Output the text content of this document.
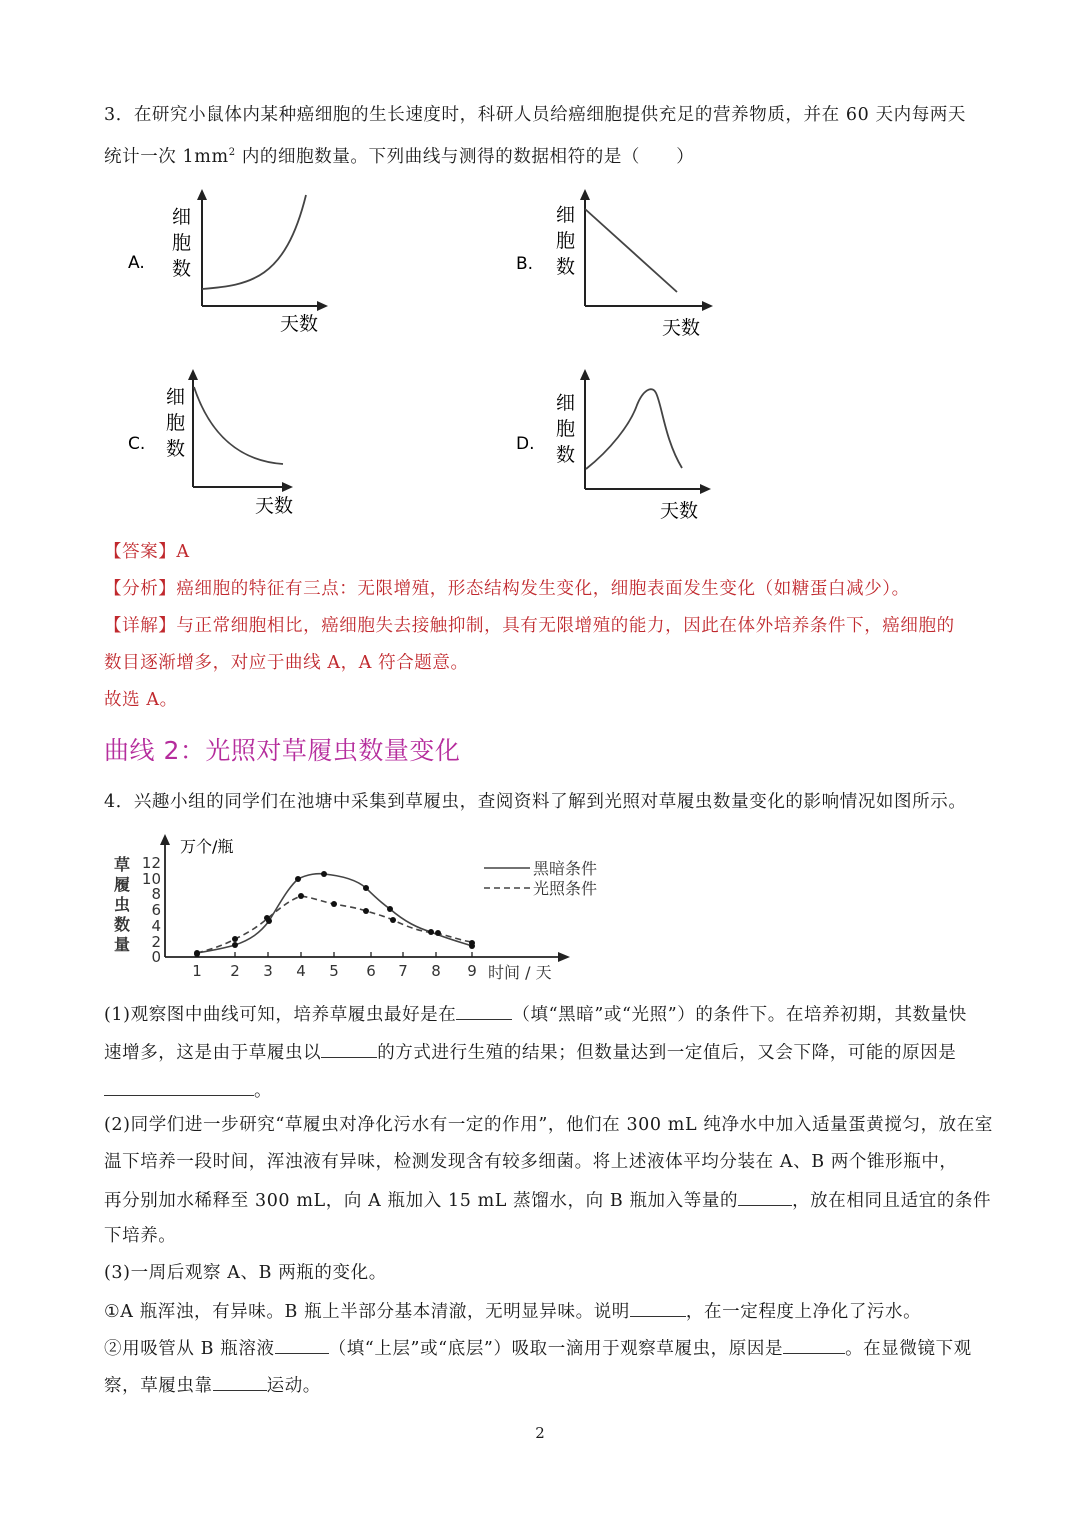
3．在研究小鼠体内某种癌细胞的生长速度时，科研人员给癌细胞提供充足的营养物质，并在 60 天内每两天
统计一次 $1mm^2$ 内的细胞数量。下列曲线与测得的数据相符的是（　　）
A.
细
胞
数
天数
B.
细
胞
数
天数
C.
细
胞
数
天数
D.
细
胞
数
天数
【答案】A
【分析】癌细胞的特征有三点：无限增殖，形态结构发生变化，细胞表面发生变化（如糖蛋白减少）。
【详解】与正常细胞相比，癌细胞失去接触抑制，具有无限增殖的能力，因此在体外培养条件下，癌细胞的
数目逐渐增多，对应于曲线 A，A 符合题意。
故选 A。
曲线 2：光照对草履虫数量变化
4．兴趣小组的同学们在池塘中采集到草履虫，查阅资料了解到光照对草履虫数量变化的影响情况如图所示。
万个/瓶
草
履
虫
数
量
0
2
4
6
8
10
12
1 2 3 4 5 6 7 8 9 时间 / 天
黑暗条件
光照条件
(1)观察图中曲线可知，培养草履虫最好是在	（填“黑暗”或“光照”）的条件下。在培养初期，其数量快
速增多，这是由于草履虫以	的方式进行生殖的结果；但数量达到一定值后，又会下降，可能的原因是
。
(2)同学们进一步研究“草履虫对净化污水有一定的作用”，他们在 300 mL 纯净水中加入适量蛋黄搅匀，放在室
温下培养一段时间，浑浊液有异味，检测发现含有较多细菌。将上述液体平均分装在 A、B 两个锥形瓶中，
再分别加水稀释至 300 mL，向 A 瓶加入 15 mL 蒸馏水，向 B 瓶加入等量的	，放在相同且适宜的条件
下培养。
(3)一周后观察 A、B 两瓶的变化。
①A 瓶浑浊，有异味。B 瓶上半部分基本清澈，无明显异味。说明	，在一定程度上净化了污水。
②用吸管从 B 瓶溶液	（填“上层”或“底层”）吸取一滴用于观察草履虫，原因是	。在显微镜下观
察，草履虫靠	运动。
2
